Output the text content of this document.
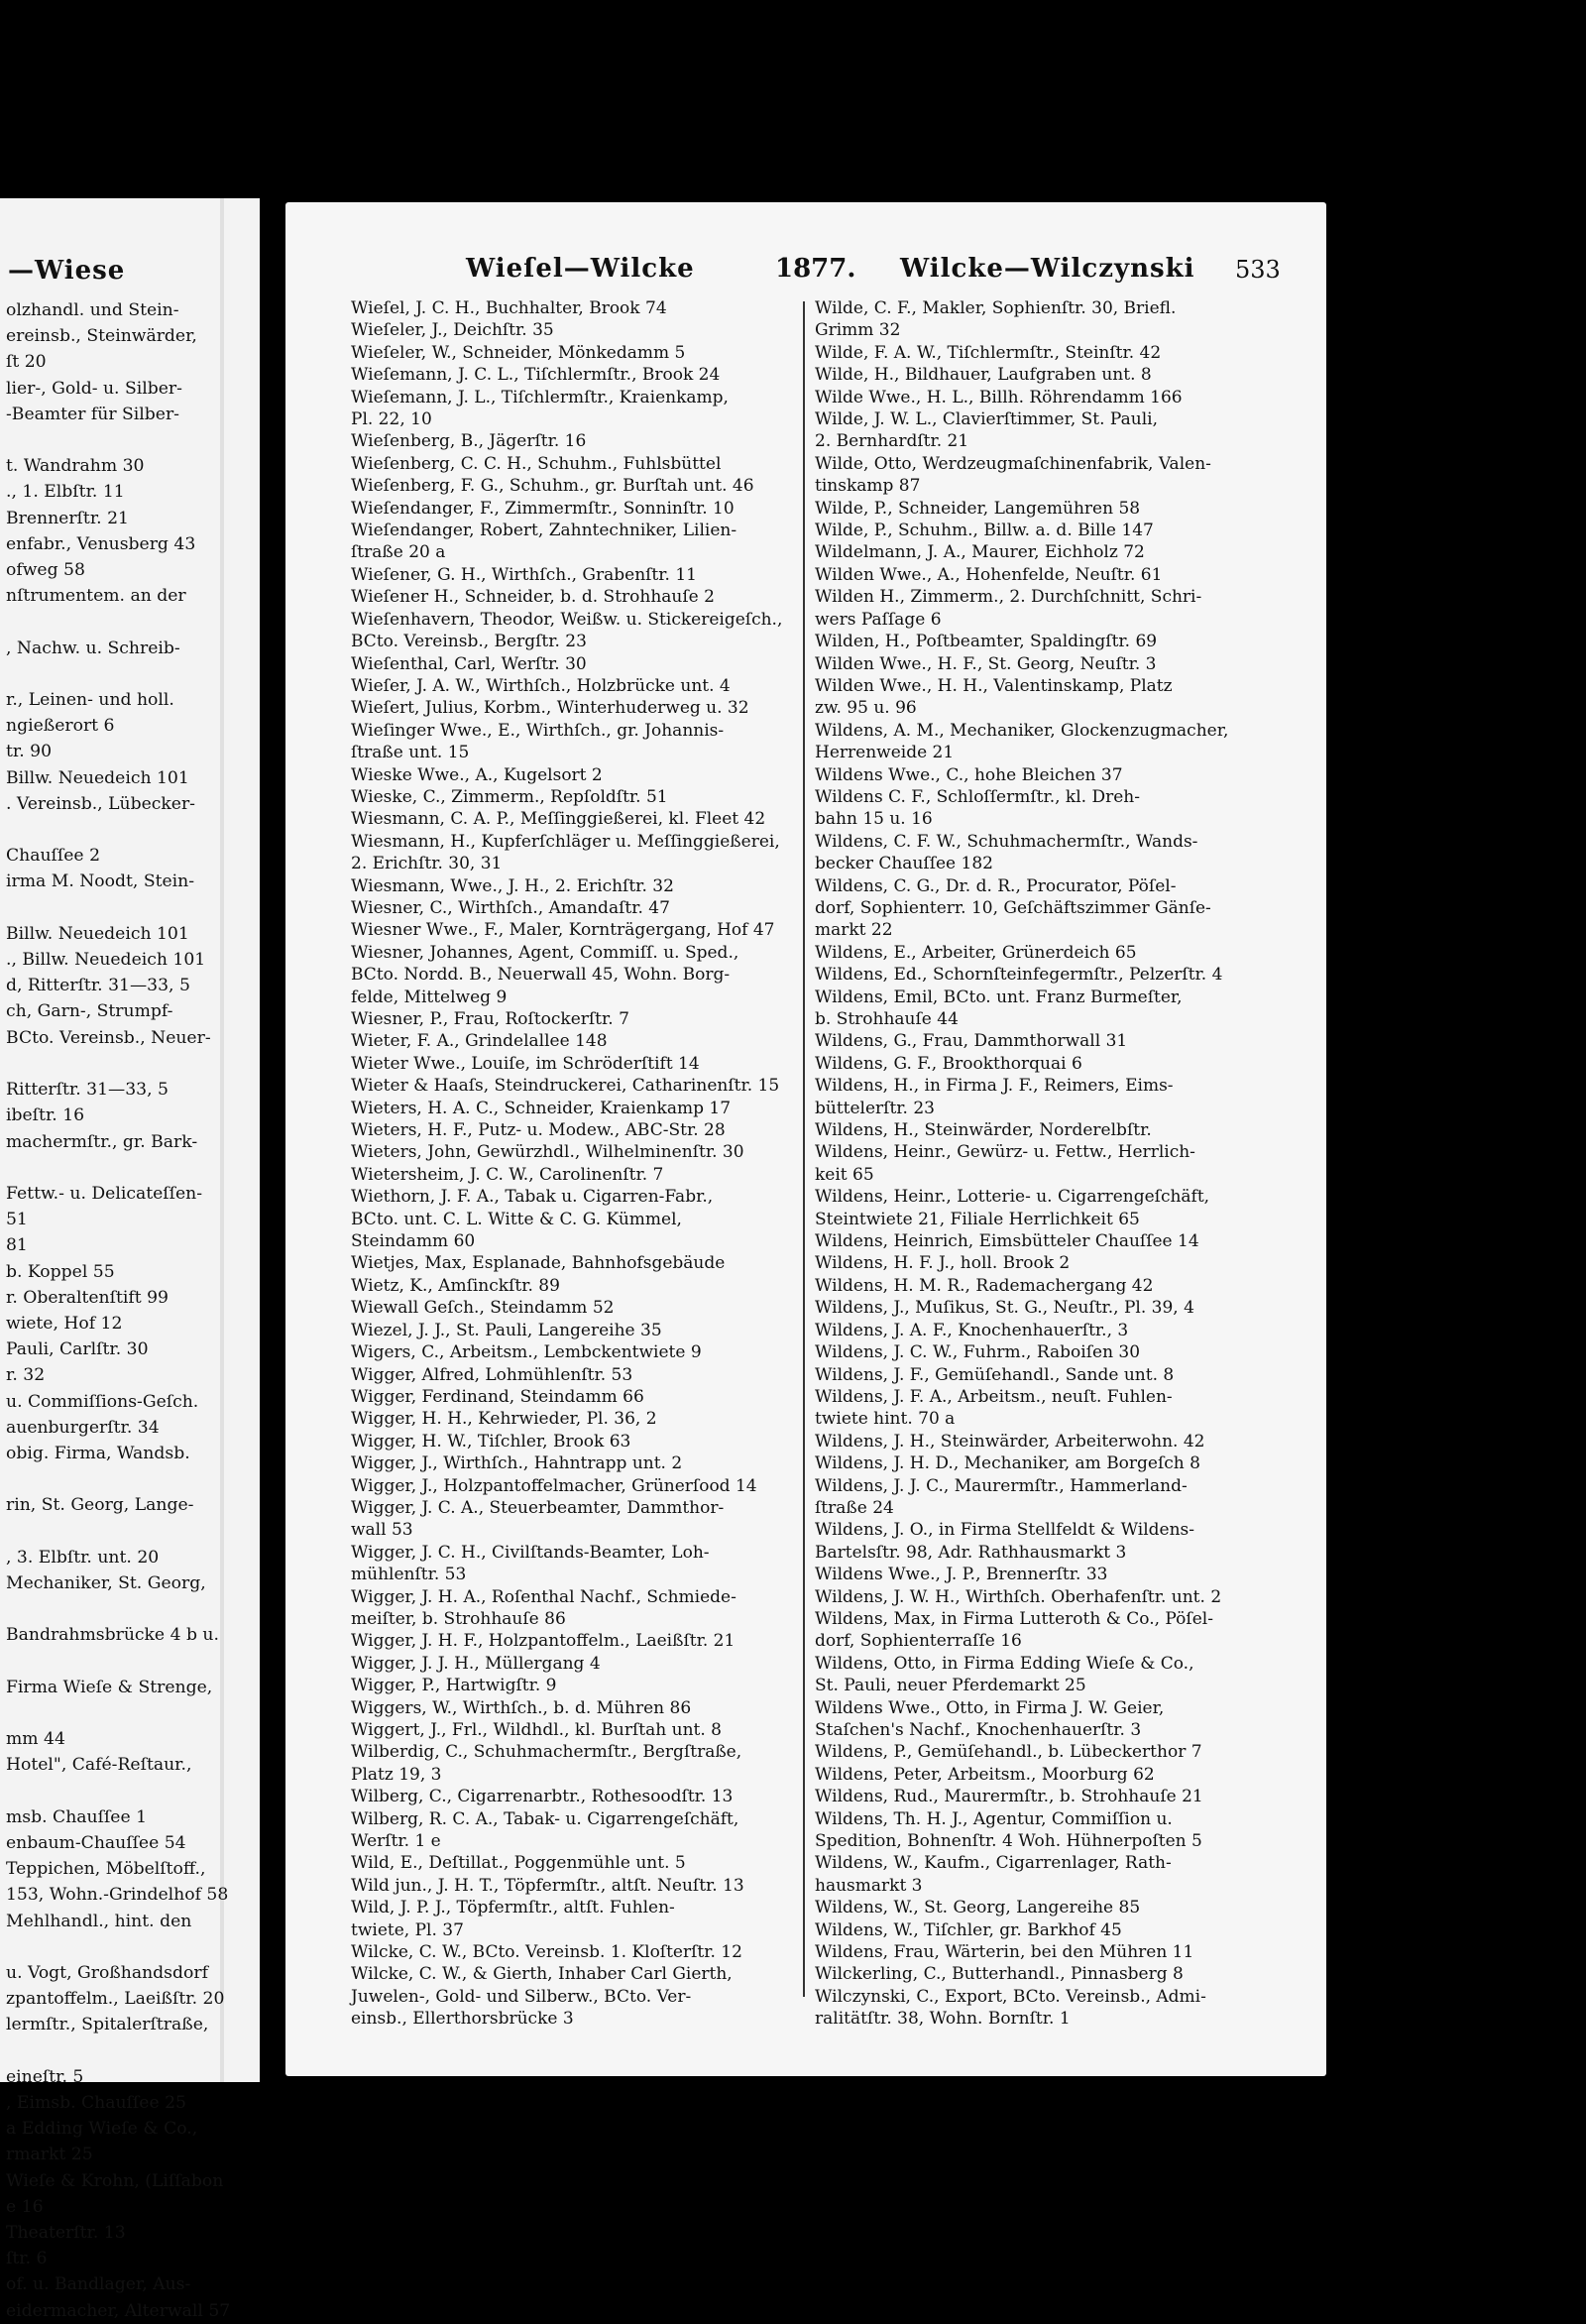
—Wiese
olzhandl. und Stein-
ereinsb., Steinwärder,
ſt 20
lier-, Gold- u. Silber-
-Beamter für Silber-

t. Wandrahm 30
., 1. Elbſtr. 11
Brennerſtr. 21
enfabr., Venusberg 43
ofweg 58
nſtrumentem. an der

, Nachw. u. Schreib-

r., Leinen- und holl.
ngießerort 6
tr. 90
Billw. Neuedeich 101
. Vereinsb., Lübecker-

Chauſſee 2
irma M. Noodt, Stein-

Billw. Neuedeich 101
., Billw. Neuedeich 101
d, Ritterſtr. 31—33, 5
ch, Garn-, Strumpf-
BCto. Vereinsb., Neuer-

Ritterſtr. 31—33, 5
ibeſtr. 16
machermſtr., gr. Bark-

Fettw.- u. Delicateſſen-
51
81
b. Koppel 55
r. Oberaltenſtift 99
wiete, Hof 12
Pauli, Carlſtr. 30
r. 32
u. Commiſſions-Geſch.
auenburgerſtr. 34
obig. Firma, Wandsb.

rin, St. Georg, Lange-

, 3. Elbſtr. unt. 20
Mechaniker, St. Georg,

Bandrahmsbrücke 4 b u.

Firma Wieſe & Strenge,

mm 44
Hotel", Café-Reſtaur.,

msb. Chauſſee 1
enbaum-Chauſſee 54
Teppichen, Möbelſtoff.,
153, Wohn.-Grindelhof 58
Mehlhandl., hint. den

u. Vogt, Großhandsdorf
zpantoffelm., Laeißſtr. 20
lermſtr., Spitalerſtraße,

eineſtr. 5
, Eimsb. Chauſſee 25
a Edding Wieſe & Co.,
rmarkt 25
Wieſe & Krohn, (Liſſabon
e 16
Theaterſtr. 13
ſtr. 6
of. u. Bandlager, Aus-
eidermacher, Alterwall 57
Wieſel—Wilcke	1877. Wilcke—Wilczynski 533
Wieſel, J. C. H., Buchhalter, Brook 74
Wieſeler, J., Deichſtr. 35
Wieſeler, W., Schneider, Mönkedamm 5
Wieſemann, J. C. L., Tiſchlermſtr., Brook 24
Wieſemann, J. L., Tiſchlermſtr., Kraienkamp,
Pl. 22, 10
Wieſenberg, B., Jägerſtr. 16
Wieſenberg, C. C. H., Schuhm., Fuhlsbüttel
Wieſenberg, F. G., Schuhm., gr. Burſtah unt. 46
Wieſendanger, F., Zimmermſtr., Sonninſtr. 10
Wieſendanger, Robert, Zahntechniker, Lilien-
ſtraße 20 a
Wieſener, G. H., Wirthſch., Grabenſtr. 11
Wieſener H., Schneider, b. d. Strohhauſe 2
Wieſenhavern, Theodor, Weißw. u. Stickereigeſch.,
BCto. Vereinsb., Bergſtr. 23
Wieſenthal, Carl, Werſtr. 30
Wieſer, J. A. W., Wirthſch., Holzbrücke unt. 4
Wieſert, Julius, Korbm., Winterhuderweg u. 32
Wieſinger Wwe., E., Wirthſch., gr. Johannis-
ſtraße unt. 15
Wieske Wwe., A., Kugelsort 2
Wieske, C., Zimmerm., Repſoldſtr. 51
Wiesmann, C. A. P., Meſſinggießerei, kl. Fleet 42
Wiesmann, H., Kupferſchläger u. Meſſinggießerei,
2. Erichſtr. 30, 31
Wiesmann, Wwe., J. H., 2. Erichſtr. 32
Wiesner, C., Wirthſch., Amandaſtr. 47
Wiesner Wwe., F., Maler, Kornträgergang, Hof 47
Wiesner, Johannes, Agent, Commiſſ. u. Sped.,
BCto. Nordd. B., Neuerwall 45, Wohn. Borg-
felde, Mittelweg 9
Wiesner, P., Frau, Roſtockerſtr. 7
Wieter, F. A., Grindelallee 148
Wieter Wwe., Louiſe, im Schröderſtift 14
Wieter & Haaſs, Steindruckerei, Catharinenſtr. 15
Wieters, H. A. C., Schneider, Kraienkamp 17
Wieters, H. F., Putz- u. Modew., ABC-Str. 28
Wieters, John, Gewürzhdl., Wilhelminenſtr. 30
Wietersheim, J. C. W., Carolinenſtr. 7
Wiethorn, J. F. A., Tabak u. Cigarren-Fabr.,
BCto. unt. C. L. Witte & C. G. Kümmel,
Steindamm 60
Wietjes, Max, Esplanade, Bahnhofsgebäude
Wietz, K., Amſinckſtr. 89
Wiewall Geſch., Steindamm 52
Wiezel, J. J., St. Pauli, Langereihe 35
Wigers, C., Arbeitsm., Lembckentwiete 9
Wigger, Alfred, Lohmühlenſtr. 53
Wigger, Ferdinand, Steindamm 66
Wigger, H. H., Kehrwieder, Pl. 36, 2
Wigger, H. W., Tiſchler, Brook 63
Wigger, J., Wirthſch., Hahntrapp unt. 2
Wigger, J., Holzpantoffelmacher, Grünerſood 14
Wigger, J. C. A., Steuerbeamter, Dammthor-
wall 53
Wigger, J. C. H., Civilſtands-Beamter, Loh-
mühlenſtr. 53
Wigger, J. H. A., Roſenthal Nachf., Schmiede-
meiſter, b. Strohhauſe 86
Wigger, J. H. F., Holzpantoffelm., Laeißſtr. 21
Wigger, J. J. H., Müllergang 4
Wigger, P., Hartwigſtr. 9
Wiggers, W., Wirthſch., b. d. Mühren 86
Wiggert, J., Frl., Wildhdl., kl. Burſtah unt. 8
Wilberdig, C., Schuhmachermſtr., Bergſtraße,
Platz 19, 3
Wilberg, C., Cigarrenarbtr., Rothesoodſtr. 13
Wilberg, R. C. A., Tabak- u. Cigarrengeſchäft,
Werſtr. 1 e
Wild, E., Deſtillat., Poggenmühle unt. 5
Wild jun., J. H. T., Töpfermſtr., altſt. Neuſtr. 13
Wild, J. P. J., Töpfermſtr., altſt. Fuhlen-
twiete, Pl. 37
Wilcke, C. W., BCto. Vereinsb. 1. Kloſterſtr. 12
Wilcke, C. W., & Gierth, Inhaber Carl Gierth,
Juwelen-, Gold- und Silberw., BCto. Ver-
einsb., Ellerthorsbrücke 3
Wilde, C. F., Makler, Sophienſtr. 30, Briefl.
Grimm 32
Wilde, F. A. W., Tiſchlermſtr., Steinſtr. 42
Wilde, H., Bildhauer, Laufgraben unt. 8
Wilde Wwe., H. L., Billh. Röhrendamm 166
Wilde, J. W. L., Clavierſtimmer, St. Pauli,
2. Bernhardſtr. 21
Wilde, Otto, Werdzeugmaſchinenfabrik, Valen-
tinskamp 87
Wilde, P., Schneider, Langemühren 58
Wilde, P., Schuhm., Billw. a. d. Bille 147
Wildelmann, J. A., Maurer, Eichholz 72
Wilden Wwe., A., Hohenfelde, Neuſtr. 61
Wilden H., Zimmerm., 2. Durchſchnitt, Schri-
wers Paſſage 6
Wilden, H., Poſtbeamter, Spaldingſtr. 69
Wilden Wwe., H. F., St. Georg, Neuſtr. 3
Wilden Wwe., H. H., Valentinskamp, Platz
zw. 95 u. 96
Wildens, A. M., Mechaniker, Glockenzugmacher,
Herrenweide 21
Wildens Wwe., C., hohe Bleichen 37
Wildens C. F., Schloſſermſtr., kl. Dreh-
bahn 15 u. 16
Wildens, C. F. W., Schuhmachermſtr., Wands-
becker Chauſſee 182
Wildens, C. G., Dr. d. R., Procurator, Pöſel-
dorf, Sophienterr. 10, Geſchäftszimmer Gänſe-
markt 22
Wildens, E., Arbeiter, Grünerdeich 65
Wildens, Ed., Schornſteinfegermſtr., Pelzerſtr. 4
Wildens, Emil, BCto. unt. Franz Burmeſter,
b. Strohhauſe 44
Wildens, G., Frau, Dammthorwall 31
Wildens, G. F., Brookthorquai 6
Wildens, H., in Firma J. F., Reimers, Eims-
büttelerſtr. 23
Wildens, H., Steinwärder, Norderelbſtr.
Wildens, Heinr., Gewürz- u. Fettw., Herrlich-
keit 65
Wildens, Heinr., Lotterie- u. Cigarrengeſchäft,
Steintwiete 21, Filiale Herrlichkeit 65
Wildens, Heinrich, Eimsbütteler Chauſſee 14
Wildens, H. F. J., holl. Brook 2
Wildens, H. M. R., Rademachergang 42
Wildens, J., Muſikus, St. G., Neuſtr., Pl. 39, 4
Wildens, J. A. F., Knochenhauerſtr., 3
Wildens, J. C. W., Fuhrm., Raboiſen 30
Wildens, J. F., Gemüſehandl., Sande unt. 8
Wildens, J. F. A., Arbeitsm., neuſt. Fuhlen-
twiete hint. 70 a
Wildens, J. H., Steinwärder, Arbeiterwohn. 42
Wildens, J. H. D., Mechaniker, am Borgeſch 8
Wildens, J. J. C., Maurermſtr., Hammerland-
ſtraße 24
Wildens, J. O., in Firma Stellfeldt & Wildens-
Bartelsſtr. 98, Adr. Rathhausmarkt 3
Wildens Wwe., J. P., Brennerſtr. 33
Wildens, J. W. H., Wirthſch. Oberhafenſtr. unt. 2
Wildens, Max, in Firma Lutteroth & Co., Pöſel-
dorf, Sophienterraſſe 16
Wildens, Otto, in Firma Edding Wieſe & Co.,
St. Pauli, neuer Pferdemarkt 25
Wildens Wwe., Otto, in Firma J. W. Geier,
Staſchen's Nachf., Knochenhauerſtr. 3
Wildens, P., Gemüſehandl., b. Lübeckerthor 7
Wildens, Peter, Arbeitsm., Moorburg 62
Wildens, Rud., Maurermſtr., b. Strohhauſe 21
Wildens, Th. H. J., Agentur, Commiſſion u.
Spedition, Bohnenſtr. 4 Woh. Hühnerpoſten 5
Wildens, W., Kaufm., Cigarrenlager, Rath-
hausmarkt 3
Wildens, W., St. Georg, Langereihe 85
Wildens, W., Tiſchler, gr. Barkhof 45
Wildens, Frau, Wärterin, bei den Mühren 11
Wilckerling, C., Butterhandl., Pinnasberg 8
Wilczynski, C., Export, BCto. Vereinsb., Admi-
ralitätſtr. 38, Wohn. Bornſtr. 1
